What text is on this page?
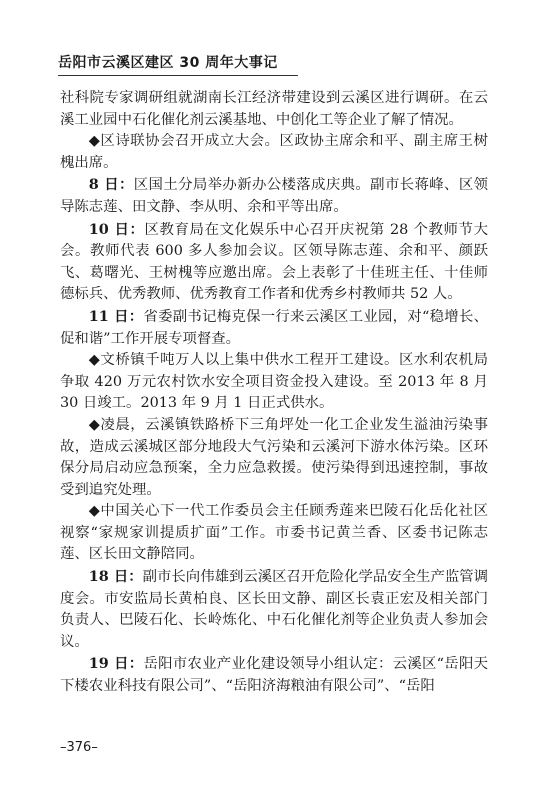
岳阳市云溪区建区 30 周年大事记

社科院专家调研组就湖南长江经济带建设到云溪区进行调研。在云溪工业园中石化催化剂云溪基地、中创化工等企业了解了情况。

◆区诗联协会召开成立大会。区政协主席余和平、副主席王树槐出席。

8 日：区国土分局举办新办公楼落成庆典。副市长蒋峰、区领导陈志莲、田文静、李从明、余和平等出席。

10 日：区教育局在文化娱乐中心召开庆祝第 28 个教师节大会。教师代表 600 多人参加会议。区领导陈志莲、余和平、颜跃飞、葛曙光、王树槐等应邀出席。会上表彰了十佳班主任、十佳师德标兵、优秀教师、优秀教育工作者和优秀乡村教师共 52 人。

11 日：省委副书记梅克保一行来云溪区工业园，对“稳增长、促和谐”工作开展专项督查。

◆文桥镇千吨万人以上集中供水工程开工建设。区水利农机局争取 420 万元农村饮水安全项目资金投入建设。至 2013 年 8 月 30 日竣工。2013 年 9 月 1 日正式供水。

◆凌晨，云溪镇铁路桥下三角坪处一化工企业发生溢油污染事故，造成云溪城区部分地段大气污染和云溪河下游水体污染。区环保分局启动应急预案，全力应急救援。使污染得到迅速控制，事故受到追究处理。

◆中国关心下一代工作委员会主任顾秀莲来巴陵石化岳化社区视察“家规家训提质扩面”工作。市委书记黄兰香、区委书记陈志莲、区长田文静陪同。

18 日：副市长向伟雄到云溪区召开危险化学品安全生产监管调度会。市安监局长黄柏良、区长田文静、副区长袁正宏及相关部门负责人、巴陵石化、长岭炼化、中石化催化剂等企业负责人参加会议。

19 日：岳阳市农业产业化建设领导小组认定：云溪区“岳阳天下楼农业科技有限公司”、“岳阳济海粮油有限公司”、“岳阳

–376–
